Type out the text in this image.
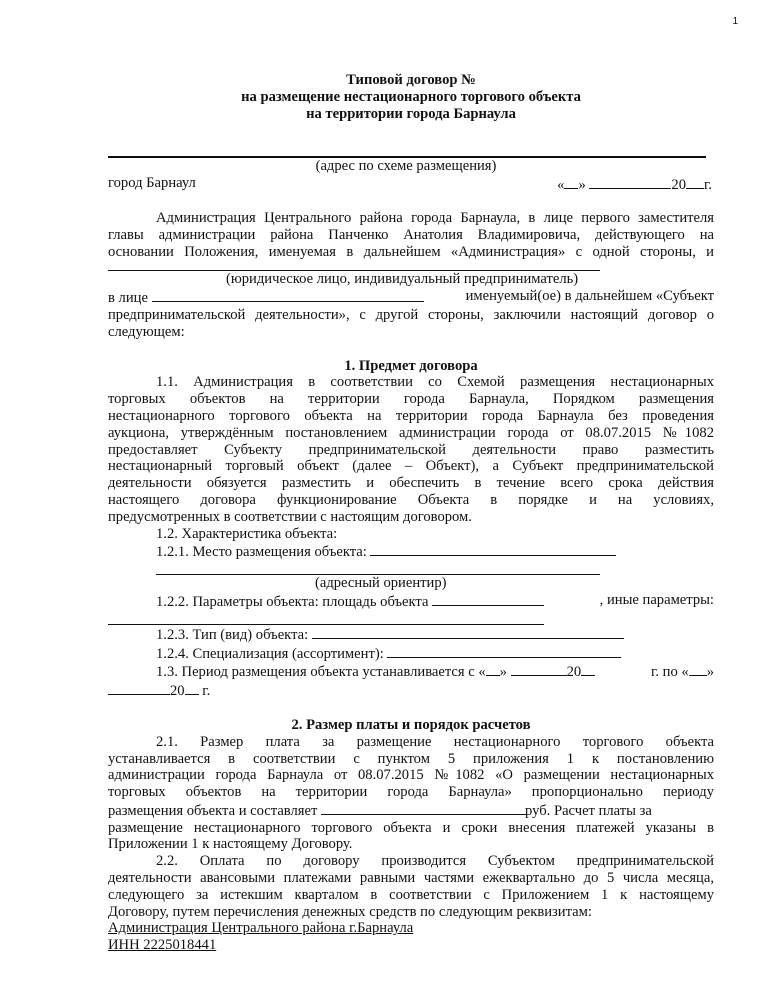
1
Типовой договор №
на размещение нестационарного торгового объекта
на территории города Барнаула
(адрес по схеме размещения)
город Барнаул	« »	20 г.
Администрация Центрального района города Барнаула, в лице первого заместителя
главы администрации района Панченко Анатолия Владимировича, действующего на
основании Положения, именуемая в дальнейшем «Администрация» с одной стороны, и
(юридическое лицо, индивидуальный предприниматель)
в лице	именуемый(ое) в дальнейшем «Субъект
предпринимательской деятельности», с другой стороны, заключили настоящий договор о
следующем:
1. Предмет договора
1.1. Администрация в соответствии со Схемой размещения нестационарных
торговых объектов на территории города Барнаула, Порядком размещения
нестационарного торгового объекта на территории города Барнаула без проведения
аукциона, утверждённым постановлением администрации города от 08.07.2015 №1082
предоставляет Субъекту предпринимательской деятельности право разместить
нестационарный торговый объект (далее – Объект), а Субъект предпринимательской
деятельности обязуется разместить и обеспечить в течение всего срока действия
настоящего договора функционирование Объекта в порядке и на условиях,
предусмотренных в соответствии с настоящим договором.
1.2. Характеристика объекта:
1.2.1. Место размещения объекта:
(адресный ориентир)
1.2.2. Параметры объекта: площадь объекта	, иные параметры:
1.2.3. Тип (вид) объекта:
1.2.4. Специализация (ассортимент):
1.3. Период размещения объекта устанавливается с « »	20	г. по « »
20 г.
2. Размер платы и порядок расчетов
2.1. Размер плата за размещение нестационарного торгового объекта
устанавливается в соответствии с пунктом 5 приложения 1 к постановлению
администрации города Барнаула от 08.07.2015 №1082 «О размещении нестационарных
торговых объектов на территории города Барнаула» пропорционально периоду
размещения объекта и составляет	руб. Расчет платы за
размещение нестационарного торгового объекта и сроки внесения платежей указаны в
Приложении 1 к настоящему Договору.
2.2. Оплата по договору производится Субъектом предпринимательской
деятельности авансовыми платежами равными частями ежеквартально до 5 числа месяца,
следующего за истекшим кварталом в соответствии с Приложением 1 к настоящему
Договору, путем перечисления денежных средств по следующим реквизитам:
Администрация Центрального района г.Барнаула
ИНН 2225018441
